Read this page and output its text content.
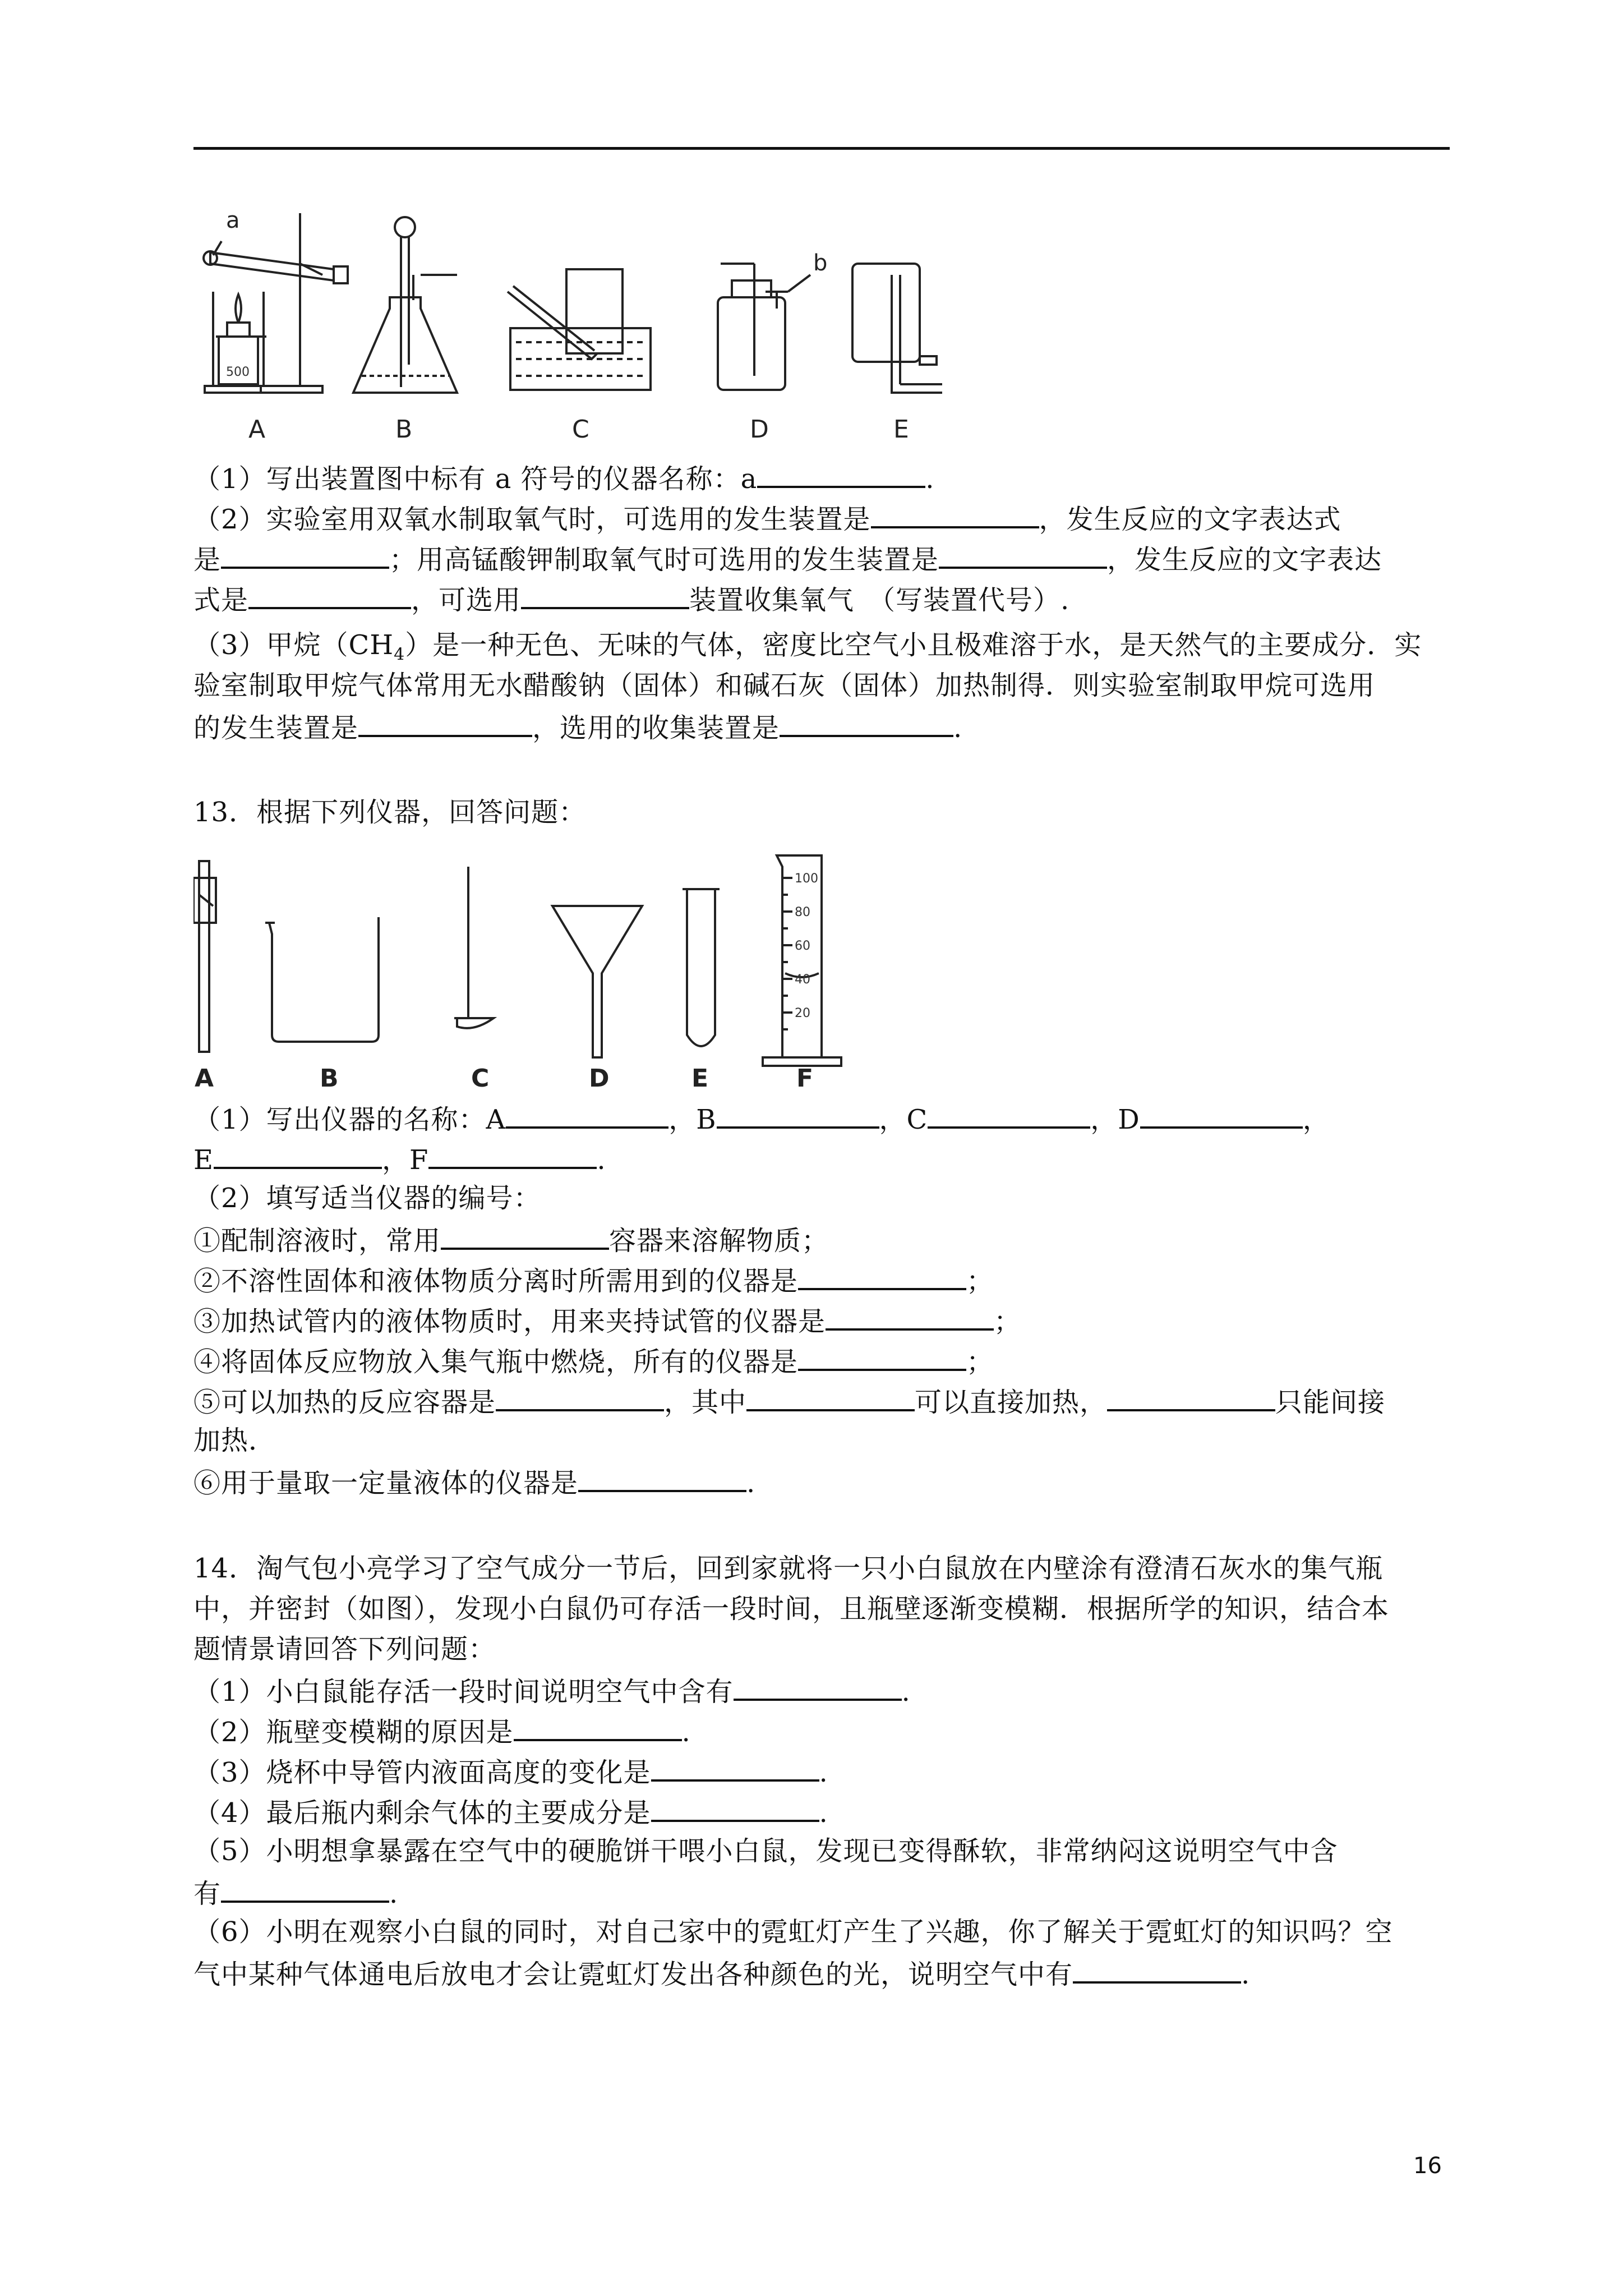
a
b
500
A	B	C	D	E
（1）写出装置图中标有 a 符号的仪器名称：a	.
（2）实验室用双氧水制取氧气时，可选用的发生装置是	，发生反应的文字表达式
是	；用高锰酸钾制取氧气时可选用的发生装置是	，发生反应的文字表达
式是	，可选用	装置收集氧气　（写装置代号）.
（3）甲烷$(CH_4)$是一种无色、无味的气体，密度比空气小且极难溶于水，是天然气的主要成分．实
验室制取甲烷气体常用无水醋酸钠（固体）和碱石灰（固体）加热制得．则实验室制取甲烷可选用
的发生装置是	，选用的收集装置是	.
13．根据下列仪器，回答问题：
100
80
60
40
20
A	B	C	D	E	F
（1）写出仪器的名称：A	，B	，C	，D	，
E	，F	.
（2）填写适当仪器的编号：
①配制溶液时，常用	容器来溶解物质；
②不溶性固体和液体物质分离时所需用到的仪器是	；
③加热试管内的液体物质时，用来夹持试管的仪器是	；
④将固体反应物放入集气瓶中燃烧，所有的仪器是	；
⑤可以加热的反应容器是	，其中	可以直接加热，	只能间接
加热．
⑥用于量取一定量液体的仪器是	.
14．淘气包小亮学习了空气成分一节后，回到家就将一只小白鼠放在内壁涂有澄清石灰水的集气瓶
中，并密封（如图），发现小白鼠仍可存活一段时间，且瓶壁逐渐变模糊．根据所学的知识，结合本
题情景请回答下列问题：
（1）小白鼠能存活一段时间说明空气中含有	.
（2）瓶壁变模糊的原因是	.
（3）烧杯中导管内液面高度的变化是	.
（4）最后瓶内剩余气体的主要成分是	.
（5）小明想拿暴露在空气中的硬脆饼干喂小白鼠，发现已变得酥软，非常纳闷这说明空气中含
有	.
（6）小明在观察小白鼠的同时，对自己家中的霓虹灯产生了兴趣，你了解关于霓虹灯的知识吗？空
气中某种气体通电后放电才会让霓虹灯发出各种颜色的光，说明空气中有	.
16
